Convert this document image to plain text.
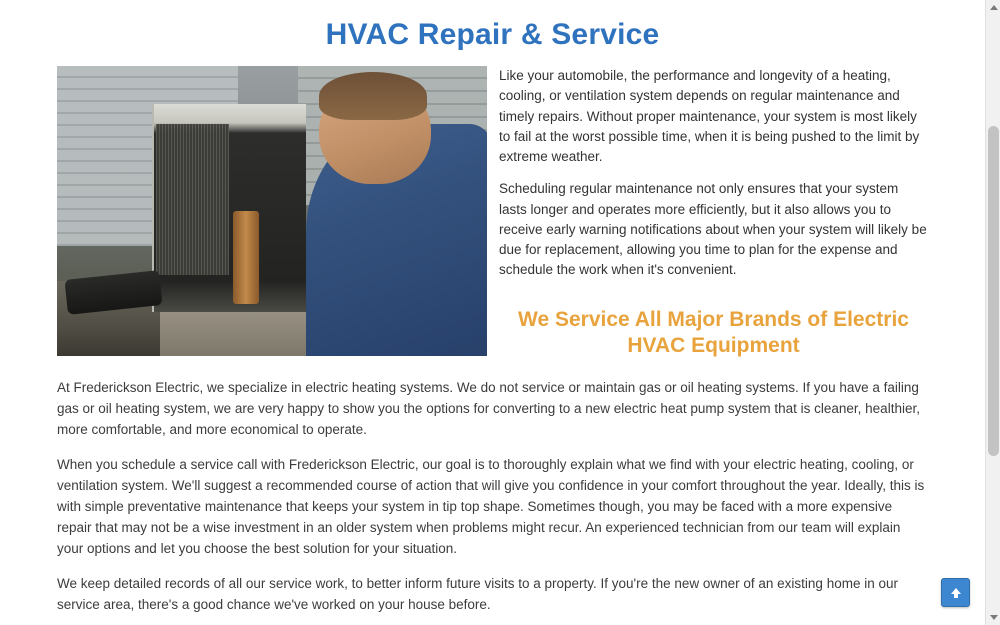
HVAC Repair & Service

Like your automobile, the performance and longevity of a heating, cooling, or ventilation system depends on regular maintenance and timely repairs. Without proper maintenance, your system is most likely to fail at the worst possible time, when it is being pushed to the limit by extreme weather.

Scheduling regular maintenance not only ensures that your system lasts longer and operates more efficiently, but it also allows you to receive early warning notifications about when your system will likely be due for replacement, allowing you time to plan for the expense and schedule the work when it's convenient.

We Service All Major Brands of Electric HVAC Equipment

At Frederickson Electric, we specialize in electric heating systems. We do not service or maintain gas or oil heating systems. If you have a failing gas or oil heating system, we are very happy to show you the options for converting to a new electric heat pump system that is cleaner, healthier, more comfortable, and more economical to operate.

When you schedule a service call with Frederickson Electric, our goal is to thoroughly explain what we find with your electric heating, cooling, or ventilation system. We'll suggest a recommended course of action that will give you confidence in your comfort throughout the year. Ideally, this is with simple preventative maintenance that keeps your system in tip top shape. Sometimes though, you may be faced with a more expensive repair that may not be a wise investment in an older system when problems might recur. An experienced technician from our team will explain your options and let you choose the best solution for your situation.

We keep detailed records of all our service work, to better inform future visits to a property. If you're the new owner of an existing home in our service area, there's a good chance we've worked on your house before.
